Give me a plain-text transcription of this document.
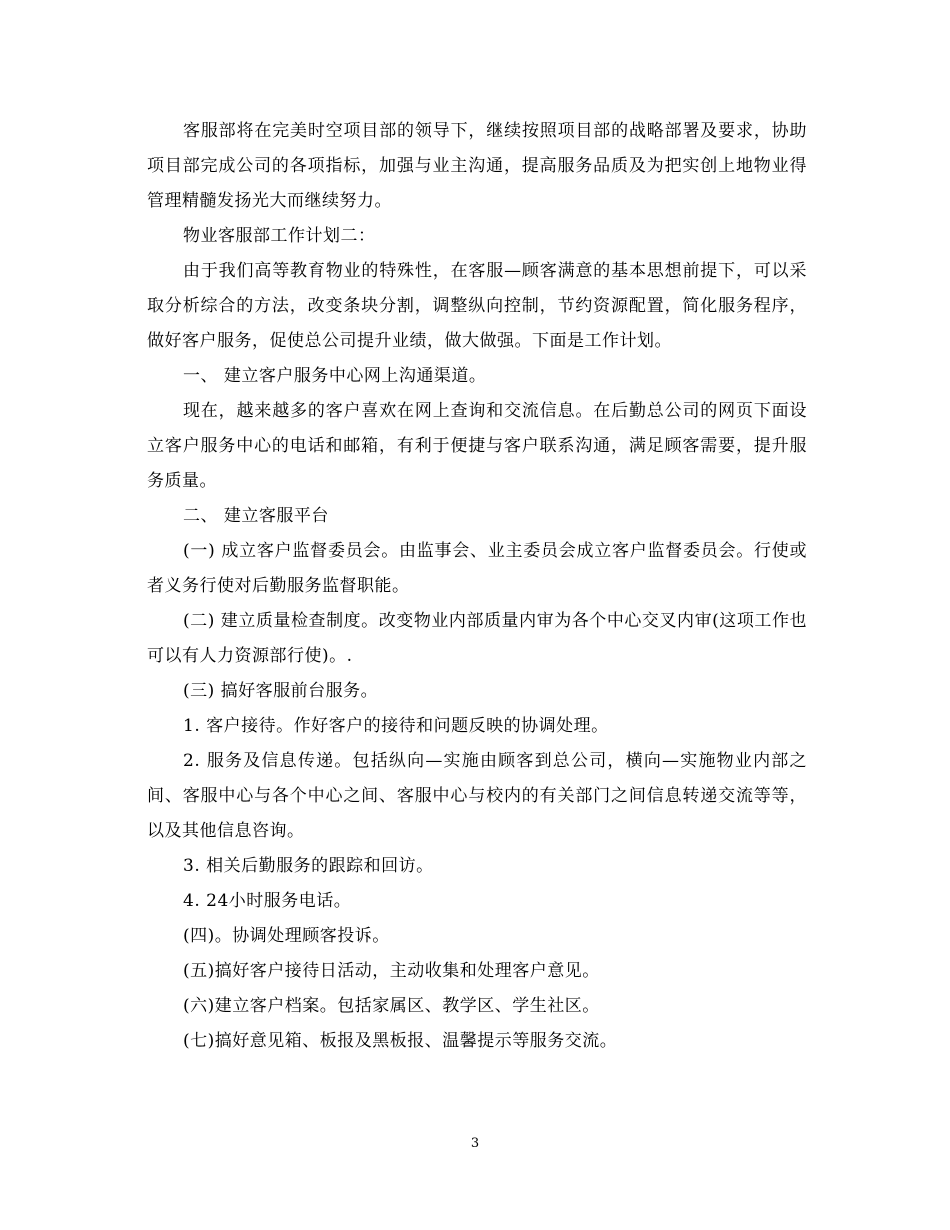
客服部将在完美时空项目部的领导下，继续按照项目部的战略部署及要求，协助项目部完成公司的各项指标，加强与业主沟通，提高服务品质及为把实创上地物业得管理精髓发扬光大而继续努力。

物业客服部工作计划二：

由于我们高等教育物业的特殊性，在客服—顾客满意的基本思想前提下，可以采取分析综合的方法，改变条块分割，调整纵向控制，节约资源配置，简化服务程序，做好客户服务，促使总公司提升业绩，做大做强。下面是工作计划。

一、 建立客户服务中心网上沟通渠道。

现在，越来越多的客户喜欢在网上查询和交流信息。在后勤总公司的网页下面设立客户服务中心的电话和邮箱，有利于便捷与客户联系沟通，满足顾客需要，提升服务质量。

二、 建立客服平台

(一) 成立客户监督委员会。由监事会、业主委员会成立客户监督委员会。行使或者义务行使对后勤服务监督职能。

(二) 建立质量检查制度。改变物业内部质量内审为各个中心交叉内审(这项工作也可以有人力资源部行使)。.

(三) 搞好客服前台服务。

1. 客户接待。作好客户的接待和问题反映的协调处理。

2. 服务及信息传递。包括纵向—实施由顾客到总公司，横向—实施物业内部之间、客服中心与各个中心之间、客服中心与校内的有关部门之间信息转递交流等等，以及其他信息咨询。

3. 相关后勤服务的跟踪和回访。

4. 24小时服务电话。

(四)。协调处理顾客投诉。

(五)搞好客户接待日活动，主动收集和处理客户意见。

(六)建立客户档案。包括家属区、教学区、学生社区。

(七)搞好意见箱、板报及黑板报、温馨提示等服务交流。

3
